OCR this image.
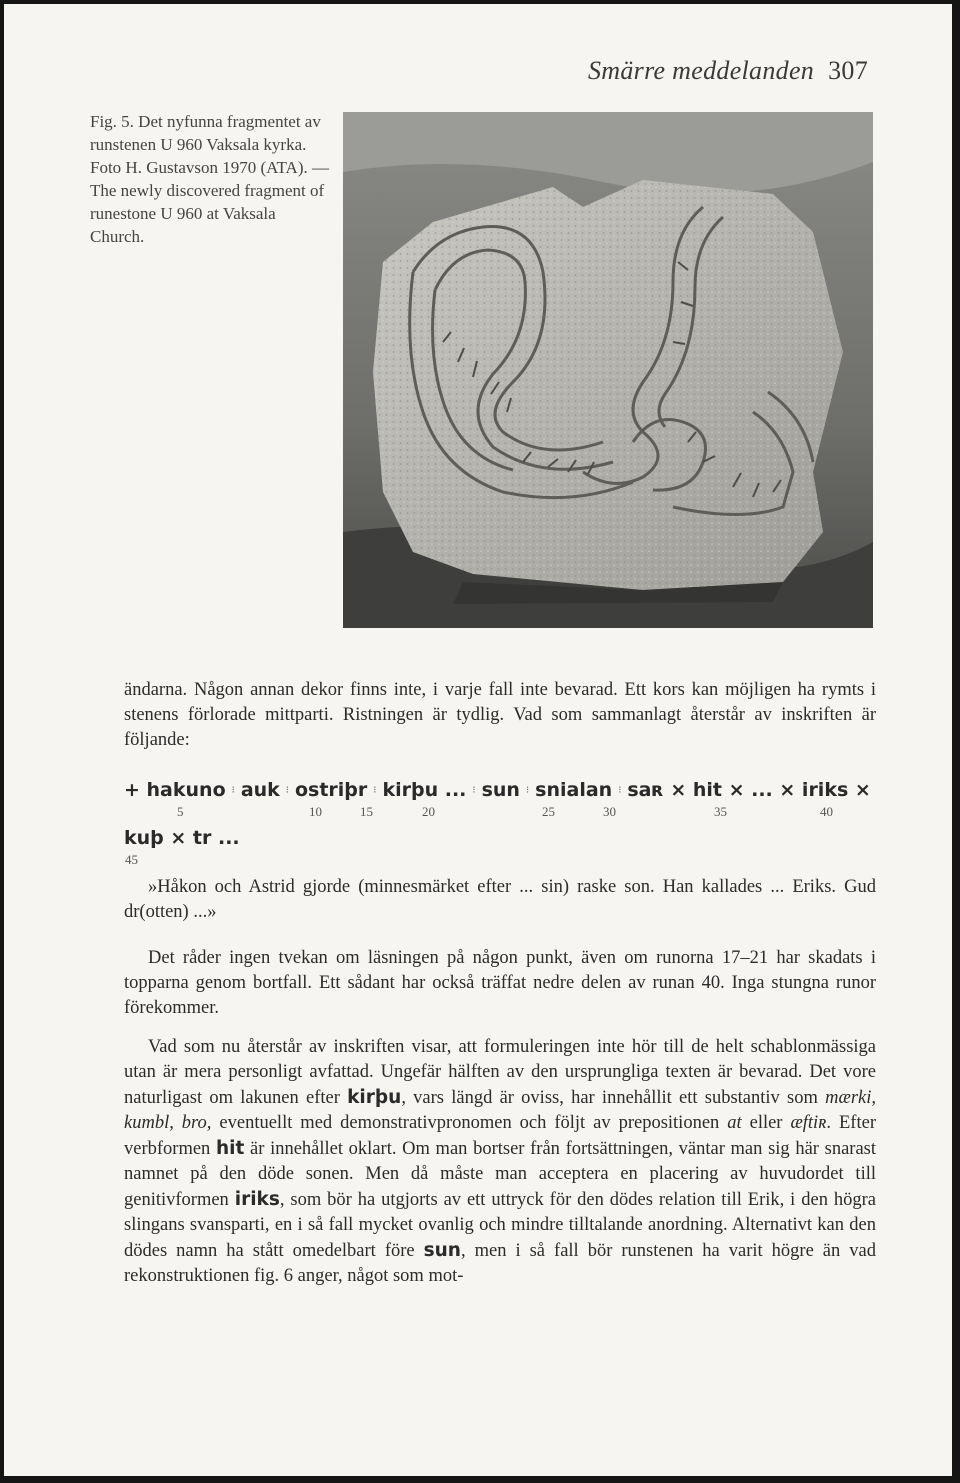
Smärre meddelanden 307
Fig. 5. Det nyfunna fragmentet av runstenen U 960 Vaksala kyrka. Foto H. Gustavson 1970 (ATA). — The newly discovered fragment of runestone U 960 at Vaksala Church.
ändarna. Någon annan dekor finns inte, i varje fall inte bevarad. Ett kors kan möjligen ha rymts i stenens förlorade mittparti. Ristningen är tydlig. Vad som sammanlagt återstår av inskriften är följande:
+ hakuno ⁝ auk ⁝ ostriþr ⁝ kirþu ... ⁝ sun ⁝ snialan ⁝ saʀ × hit × ... × iriks ×
5	10	15	20	25	30	35	40
kuþ × tr ...
45
»Håkon och Astrid gjorde (minnesmärket efter ... sin) raske son. Han kallades ... Eriks. Gud dr(otten) ...»
Det råder ingen tvekan om läsningen på någon punkt, även om runorna 17–21 har skadats i topparna genom bortfall. Ett sådant har också träffat nedre delen av runan 40. Inga stungna runor förekommer.
Vad som nu återstår av inskriften visar, att formuleringen inte hör till de helt schablonmässiga utan är mera personligt avfattad. Ungefär hälften av den ursprungliga texten är bevarad. Det vore naturligast om lakunen efter kirþu, vars längd är oviss, har innehållit ett substantiv som mærki, kumbl, bro, eventuellt med demonstrativpronomen och följt av prepositionen at eller æftiʀ. Efter verbformen hit är innehållet oklart. Om man bortser från fortsättningen, väntar man sig här snarast namnet på den döde sonen. Men då måste man acceptera en placering av huvudordet till genitivformen iriks, som bör ha utgjorts av ett uttryck för den dödes relation till Erik, i den högra slingans svansparti, en i så fall mycket ovanlig och mindre tilltalande anordning. Alternativt kan den dödes namn ha stått omedelbart före sun, men i så fall bör runstenen ha varit högre än vad rekonstruktionen fig. 6 anger, något som mot-
